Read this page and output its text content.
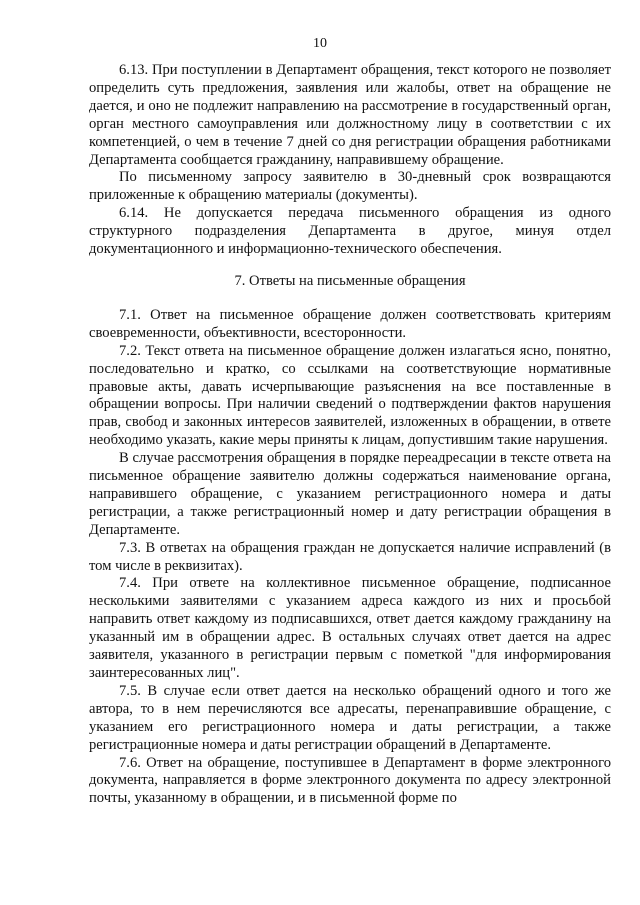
10

6.13. При поступлении в Департамент обращения, текст которого не позволяет определить суть предложения, заявления или жалобы, ответ на обращение не дается, и оно не подлежит направлению на рассмотрение в государственный орган, орган местного самоуправления или должностному лицу в соответствии с их компетенцией, о чем в течение 7 дней со дня регистрации обращения работниками Департамента сообщается гражданину, направившему обращение.

По письменному запросу заявителю в 30-дневный срок возвращаются приложенные к обращению материалы (документы).

6.14. Не допускается передача письменного обращения из одного структурного подразделения Департамента в другое, минуя отдел документационного и информационно-технического обеспечения.

7. Ответы на письменные обращения

7.1. Ответ на письменное обращение должен соответствовать критериям своевременности, объективности, всесторонности.

7.2. Текст ответа на письменное обращение должен излагаться ясно, понятно, последовательно и кратко, со ссылками на соответствующие нормативные правовые акты, давать исчерпывающие разъяснения на все поставленные в обращении вопросы. При наличии сведений о подтверждении фактов нарушения прав, свобод и законных интересов заявителей, изложенных в обращении, в ответе необходимо указать, какие меры приняты к лицам, допустившим такие нарушения.

В случае рассмотрения обращения в порядке переадресации в тексте ответа на письменное обращение заявителю должны содержаться наименование органа, направившего обращение, с указанием регистрационного номера и даты регистрации, а также регистрационный номер и дату регистрации обращения в Департаменте.

7.3. В ответах на обращения граждан не допускается наличие исправлений (в том числе в реквизитах).

7.4. При ответе на коллективное письменное обращение, подписанное несколькими заявителями с указанием адреса каждого из них и просьбой направить ответ каждому из подписавшихся, ответ дается каждому гражданину на указанный им в обращении адрес. В остальных случаях ответ дается на адрес заявителя, указанного в регистрации первым с пометкой "для информирования заинтересованных лиц".

7.5. В случае если ответ дается на несколько обращений одного и того же автора, то в нем перечисляются все адресаты, перенаправившие обращение, с указанием его регистрационного номера и даты регистрации, а также регистрационные номера и даты регистрации обращений в Департаменте.

7.6. Ответ на обращение, поступившее в Департамент в форме электронного документа, направляется в форме электронного документа по адресу электронной почты, указанному в обращении, и в письменной форме по
